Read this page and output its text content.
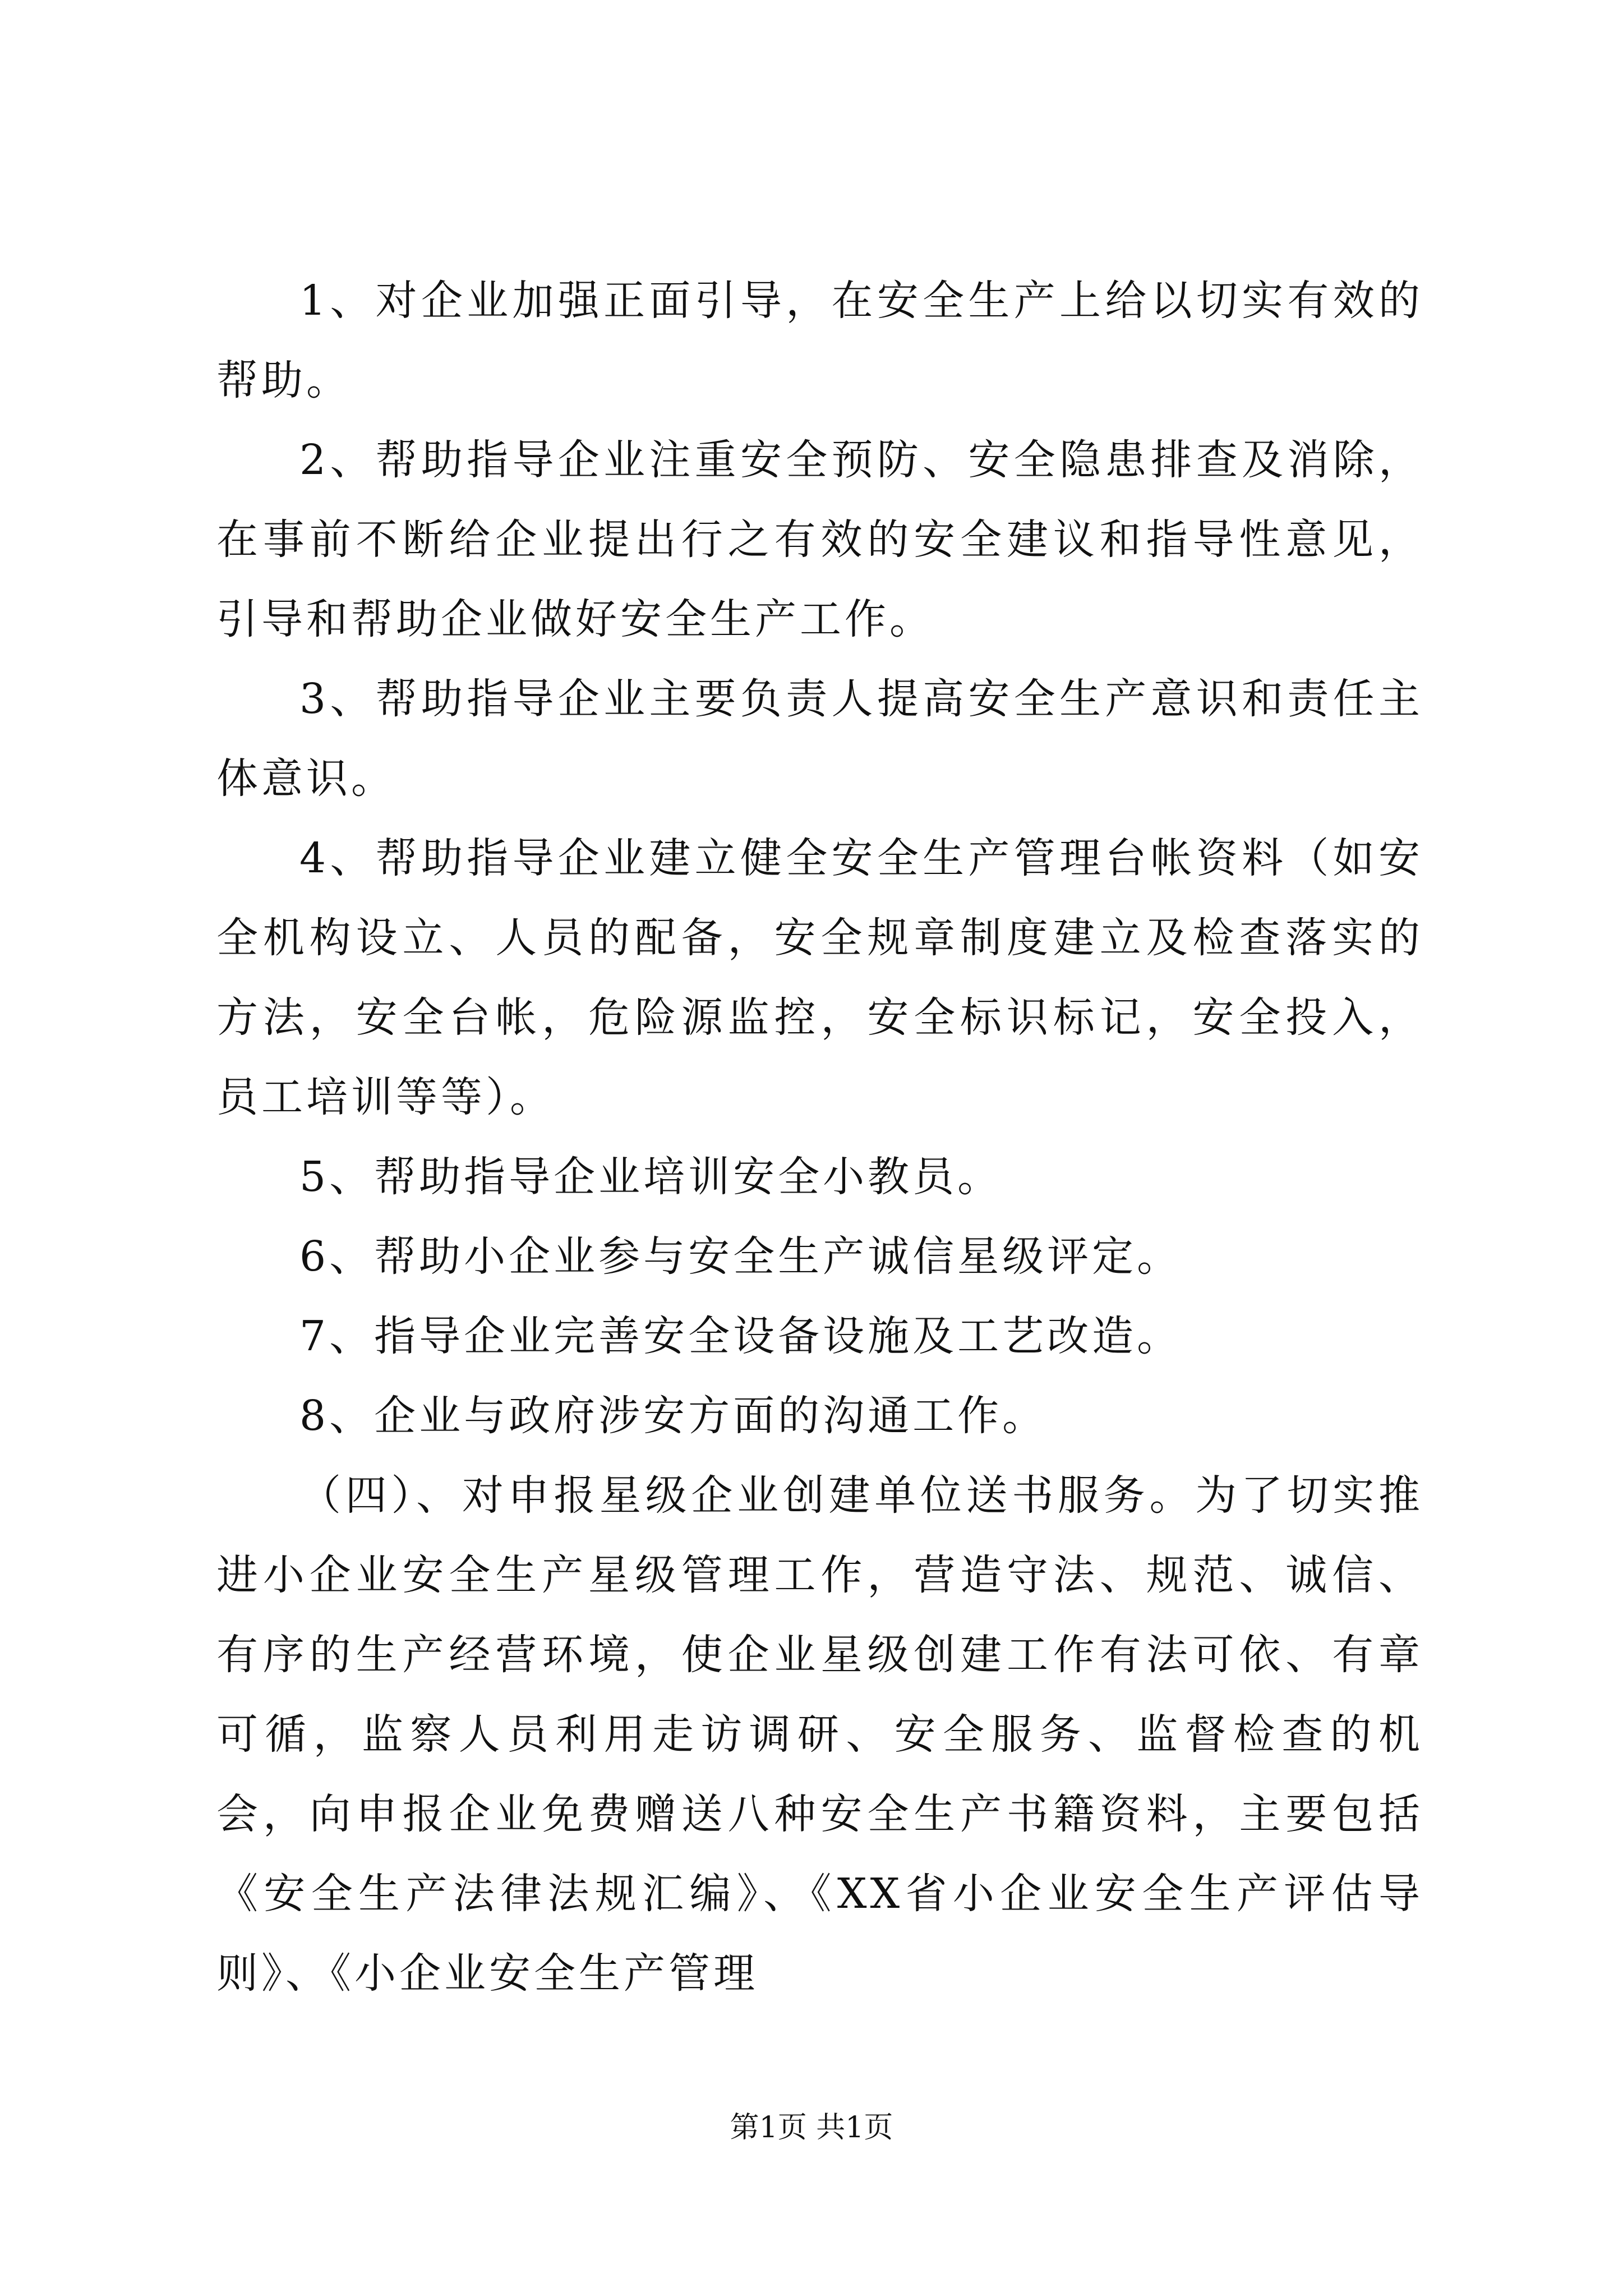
1、对企业加强正面引导，在安全生产上给以切实有效的帮助。

2、帮助指导企业注重安全预防、安全隐患排查及消除，在事前不断给企业提出行之有效的安全建议和指导性意见，引导和帮助企业做好安全生产工作。

3、帮助指导企业主要负责人提高安全生产意识和责任主体意识。

4、帮助指导企业建立健全安全生产管理台帐资料（如安全机构设立、人员的配备，安全规章制度建立及检查落实的方法，安全台帐，危险源监控，安全标识标记，安全投入，员工培训等等）。

5、帮助指导企业培训安全小教员。

6、帮助小企业参与安全生产诚信星级评定。

7、指导企业完善安全设备设施及工艺改造。

8、企业与政府涉安方面的沟通工作。

（四）、对申报星级企业创建单位送书服务。为了切实推进小企业安全生产星级管理工作，营造守法、规范、诚信、有序的生产经营环境，使企业星级创建工作有法可依、有章可循，监察人员利用走访调研、安全服务、监督检查的机会，向申报企业免费赠送八种安全生产书籍资料，主要包括《安全生产法律法规汇编》、《XX省小企业安全生产评估导则》、《小企业安全生产管理

第1页 共1页
